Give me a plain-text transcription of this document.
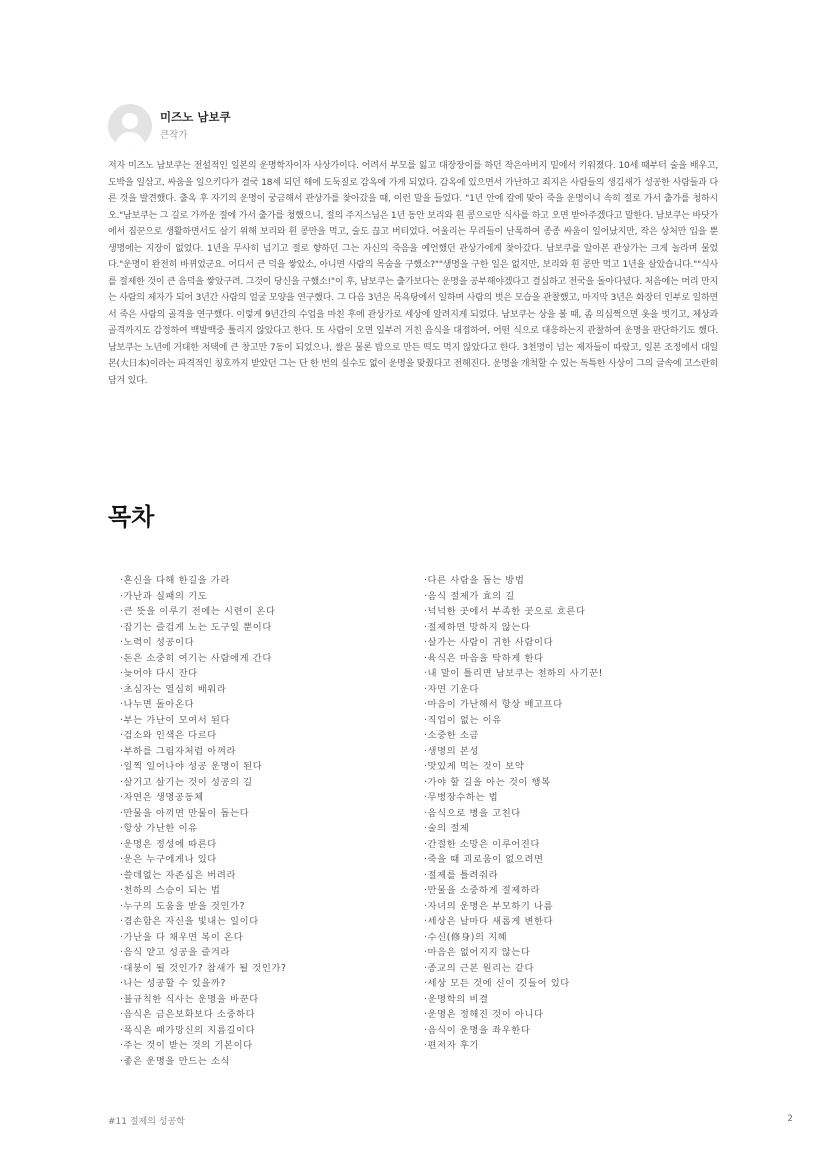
미즈노 남보쿠
큰작가

저자 미즈노 남보쿠는 전설적인 일본의 운명학자이자 사상가이다. 어려서 부모를 잃고 대장장이를 하던 작은아버지 밑에서 키워졌다. 10세 때부터 술을 배우고, 도박을 일삼고, 싸움을 일으키다가 결국 18세 되던 해에 도둑질로 감옥에 가게 되었다. 감옥에 있으면서 가난하고 죄지은 사람들의 생김새가 성공한 사람들과 다른 것을 발견했다. 출옥 후 자기의 운명이 궁금해서 관상가를 찾아갔을 때, 이런 말을 들었다. "1년 안에 칼에 맞아 죽을 운명이니 속히 절로 가서 출가를 청하시오."남보쿠는 그 길로 가까운 절에 가서 출가를 청했으니, 절의 주지스님은 1년 동안 보리와 흰 콩으로만 식사를 하고 오면 받아주겠다고 말한다. 남보쿠는 바닷가에서 짐꾼으로 생활하면서도 살기 위해 보리와 흰 콩만을 먹고, 술도 끊고 버티었다. 어울리는 무리들이 난폭하여 종종 싸움이 일어났지만, 작은 상처만 입을 뿐 생명에는 지장이 없었다. 1년을 무사히 넘기고 절로 향하던 그는 자신의 죽음을 예언했던 관상가에게 찾아갔다. 남보쿠를 알아본 관상가는 크게 놀라며 물었다."운명이 완전히 바뀌었군요. 어디서 큰 덕을 쌓았소, 아니면 사람의 목숨을 구했소?""생명을 구한 일은 없지만, 보리와 흰 콩만 먹고 1년을 살았습니다.""식사를 절제한 것이 큰 음덕을 쌓았구려. 그것이 당신을 구했소!"이 후, 남보쿠는 출가보다는 운명을 공부해야겠다고 결심하고 전국을 돌아다녔다. 처음에는 머리 만지는 사람의 제자가 되어 3년간 사람의 얼굴 모양을 연구했다. 그 다음 3년은 목욕탕에서 일하며 사람의 벗은 모습을 관찰했고, 마지막 3년은 화장터 인부로 일하면서 죽은 사람의 골격을 연구했다. 이렇게 9년간의 수업을 마친 후에 관상가로 세상에 알려지게 되었다. 남보쿠는 상을 볼 때, 좀 의심쩍으면 옷을 벗기고, 체상과 골격까지도 감정하여 백발백중 틀리지 않았다고 한다. 또 사람이 오면 일부러 거친 음식을 대접하여, 어떤 식으로 대응하는지 관찰하여 운명을 판단하기도 했다. 남보쿠는 노년에 거대한 저택에 큰 창고만 7동이 되었으나, 쌀은 물론 밥으로 만든 떡도 먹지 않았다고 한다. 3천명이 넘는 제자들이 따랐고, 일본 조정에서 대일본(大日本)이라는 파격적인 칭호까지 받았던 그는 단 한 번의 실수도 없이 운명을 맞췄다고 전해진다. 운명을 개척할 수 있는 독특한 사상이 그의 글속에 고스란히 담겨 있다.

목차
·혼신을 다해 한길을 가라
·가난과 실패의 기도
·큰 뜻을 이루기 전에는 시련이 온다
·잡기는 즐겁게 노는 도구일 뿐이다
·노력이 성공이다
·돈은 소중히 여기는 사람에게 간다
·늦어야 다시 잔다
·초심자는 열심히 배워라
·나누면 돌아온다
·부는 가난이 모여서 된다
·검소와 인색은 다르다
·부하를 그림자처럼 아껴라
·일찍 일어나야 성공 운명이 된다
·살기고 살기는 것이 성공의 길
·자연은 생명공동체
·만물을 아끼면 만물이 돕는다
·항상 가난한 이유
·운명은 정성에 따른다
·운은 누구에게나 있다
·쓸데없는 자존심은 버려라
·천하의 스승이 되는 법
·누구의 도움을 받을 것인가?
·겸손함은 자신을 빛내는 일이다
·가난을 다 채우면 복이 온다
·음식 얕고 성공을 즐겨라
·대붕이 될 것인가? 참새가 될 것인가?
·나는 성공할 수 있을까?
·불규칙한 식사는 운명을 바꾼다
·음식은 금은보화보다 소중하다
·폭식은 패가망신의 지름길이다
·주는 것이 받는 것의 기본이다
·좋은 운명을 만드는 소식
·다른 사람을 돕는 방법
·음식 절제가 효의 길
·넉넉한 곳에서 부족한 곳으로 흐른다
·절제하면 망하지 않는다
·살가는 사람이 귀한 사람이다
·육식은 마음을 탁하게 한다
·내 말이 틀리면 남보쿠는 천하의 사기꾼!
·자면 기운다
·마음이 가난해서 항상 배고프다
·직업이 없는 이유
·소중한 소금
·생명의 본성
·맛있게 먹는 것이 보약
·가야 할 길을 아는 것이 행복
·무병장수하는 법
·음식으로 병을 고친다
·술의 절제
·간절한 소망은 이루어진다
·죽을 때 괴로움이 없으려면
·절제를 틀려줘라
·만물을 소중하게 절제하라
·자녀의 운명은 부모하기 나름
·세상은 날마다 새롭게 변한다
·수신(修身)의 지혜
·마음은 없어지지 않는다
·종교의 근본 원리는 같다
·세상 모든 것에 신이 깃들어 있다
·운명학의 비결
·운명은 정해진 것이 아니다
·음식이 운명을 좌우한다
·편저자 후기
#11 절제의 성공학	2
